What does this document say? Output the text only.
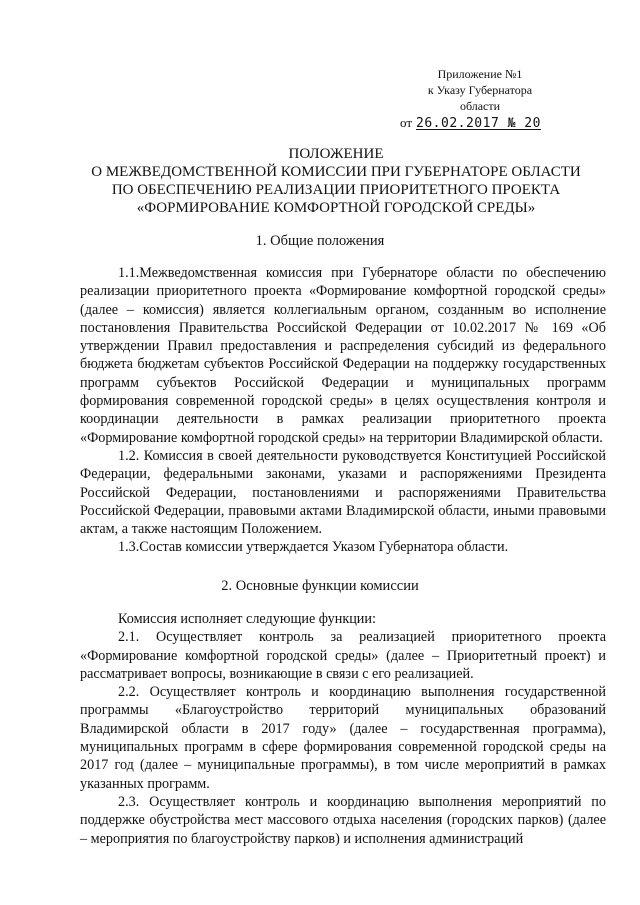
Приложение №1
к Указу Губернатора
области
от 26.02.2017 № 20
ПОЛОЖЕНИЕ
О МЕЖВЕДОМСТВЕННОЙ КОМИССИИ ПРИ ГУБЕРНАТОРЕ ОБЛАСТИ
ПО ОБЕСПЕЧЕНИЮ РЕАЛИЗАЦИИ ПРИОРИТЕТНОГО ПРОЕКТА
«ФОРМИРОВАНИЕ КОМФОРТНОЙ ГОРОДСКОЙ СРЕДЫ»
1. Общие положения

1.1.Межведомственная комиссия при Губернаторе области по обеспечению реализации приоритетного проекта «Формирование комфортной городской среды» (далее – комиссия) является коллегиальным органом, созданным во исполнение постановления Правительства Российской Федерации от 10.02.2017 № 169 «Об утверждении Правил предоставления и распределения субсидий из федерального бюджета бюджетам субъектов Российской Федерации на поддержку государственных программ субъектов Российской Федерации и муниципальных программ формирования современной городской среды» в целях осуществления контроля и координации деятельности в рамках реализации приоритетного проекта «Формирование комфортной городской среды» на территории Владимирской области.

1.2. Комиссия в своей деятельности руководствуется Конституцией Российской Федерации, федеральными законами, указами и распоряжениями Президента Российской Федерации, постановлениями и распоряжениями Правительства Российской Федерации, правовыми актами Владимирской области, иными правовыми актам, а также настоящим Положением.

1.3.Состав комиссии утверждается Указом Губернатора области.

2. Основные функции комиссии

Комиссия исполняет следующие функции:

2.1. Осуществляет контроль за реализацией приоритетного проекта «Формирование комфортной городской среды» (далее – Приоритетный проект) и рассматривает вопросы, возникающие в связи с его реализацией.

2.2. Осуществляет контроль и координацию выполнения государственной программы «Благоустройство территорий муниципальных образований Владимирской области в 2017 году» (далее – государственная программа), муниципальных программ в сфере формирования современной городской среды на 2017 год (далее – муниципальные программы), в том числе мероприятий в рамках указанных программ.

2.3. Осуществляет контроль и координацию выполнения мероприятий по поддержке обустройства мест массового отдыха населения (городских парков) (далее – мероприятия по благоустройству парков) и исполнения администраций
